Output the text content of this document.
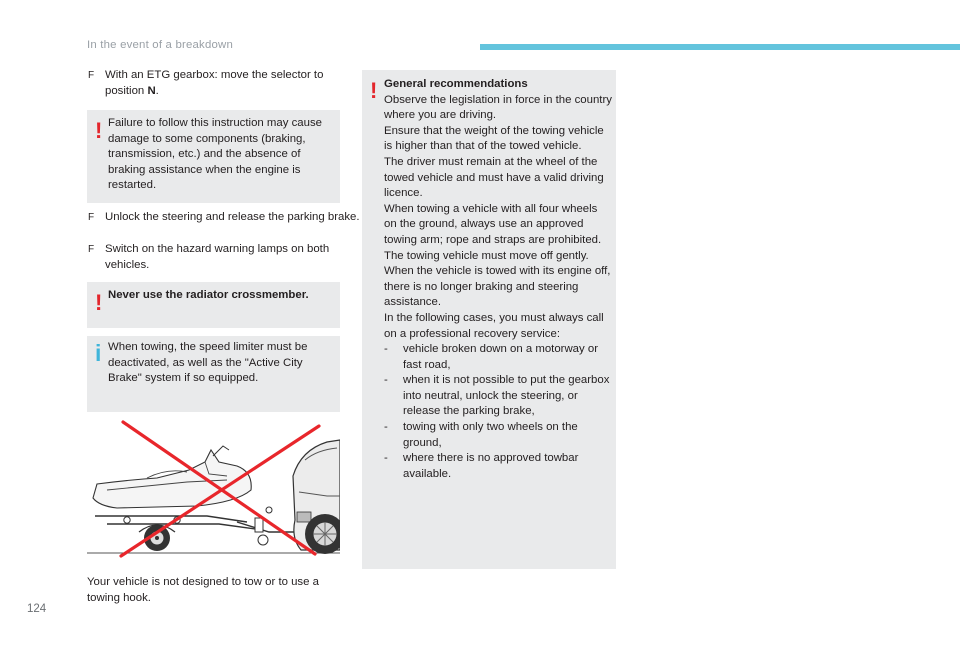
In the event of a breakdown
F With an ETG gearbox: move the selector to position N.
! Failure to follow this instruction may cause damage to some components (braking, transmission, etc.) and the absence of braking assistance when the engine is restarted.
F Unlock the steering and release the parking brake.
F Switch on the hazard warning lamps on both vehicles.
! Never use the radiator crossmember.
i When towing, the speed limiter must be deactivated, as well as the "Active City Brake" system if so equipped.
Your vehicle is not designed to tow or to use a towing hook.
! General recommendations
Observe the legislation in force in the country where you are driving.
Ensure that the weight of the towing vehicle is higher than that of the towed vehicle.
The driver must remain at the wheel of the towed vehicle and must have a valid driving licence.
When towing a vehicle with all four wheels on the ground, always use an approved towing arm; rope and straps are prohibited.
The towing vehicle must move off gently.
When the vehicle is towed with its engine off, there is no longer braking and steering assistance.
In the following cases, you must always call on a professional recovery service:
- vehicle broken down on a motorway or fast road,
- when it is not possible to put the gearbox into neutral, unlock the steering, or release the parking brake,
- towing with only two wheels on the ground,
- where there is no approved towbar available.
124
